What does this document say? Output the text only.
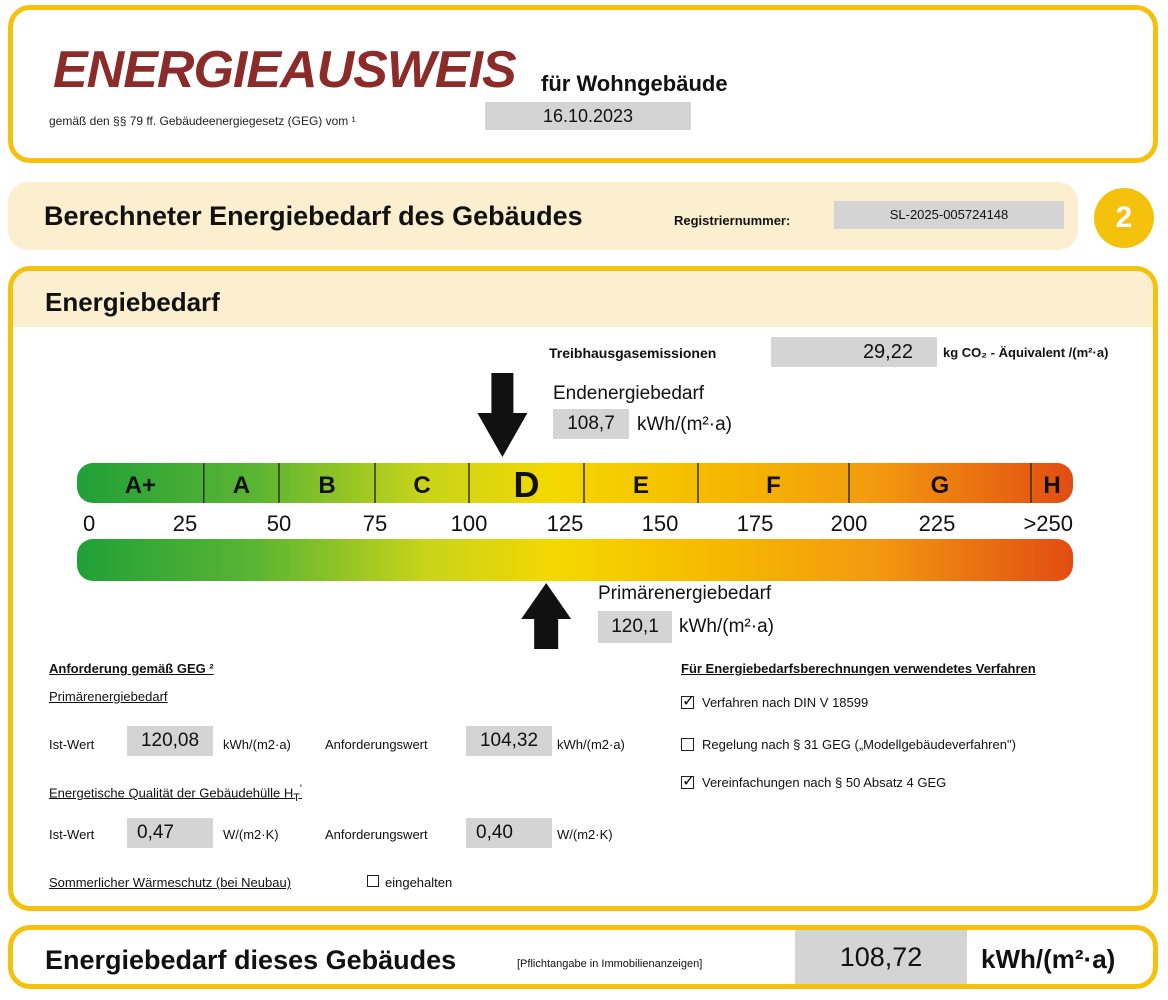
ENERGIEAUSWEIS für Wohngebäude
gemäß den §§ 79 ff. Gebäudeenergiegesetz (GEG) vom ¹	16.10.2023
Berechneter Energiebedarf des Gebäudes	Registriernummer:	SL-2025-005724148	2
Energiebedarf
Treibhausgasemissionen	29,22	kg CO₂ - Äquivalent /(m²·a)
Endenergiebedarf
108,7	kWh/(m²·a)
A+	A	B	C D	E	F	G	H
0	25	50	75	100	125	150	175	200 225	>250
Primärenergiebedarf
120,1	kWh/(m²·a)
Anforderung gemäß GEG ²
Primärenergiebedarf
Ist-Wert	120,08	kWh/(m2·a)	Anforderungswert	104,32	kWh/(m2·a)
Energetische Qualität der Gebäudehülle $H_T'$
Ist-Wert	0,47	W/(m2·K)	Anforderungswert	0,40	W/(m2·K)
Sommerlicher Wärmeschutz (bei Neubau)	eingehalten
Für Energiebedarfsberechnungen verwendetes Verfahren
✓Verfahren nach DIN V 18599
Regelung nach § 31 GEG („Modellgebäudeverfahren")
✓Vereinfachungen nach § 50 Absatz 4 GEG
Energiebedarf dieses Gebäudes	[Pflichtangabe in Immobilienanzeigen]	108,72	kWh/(m²·a)
